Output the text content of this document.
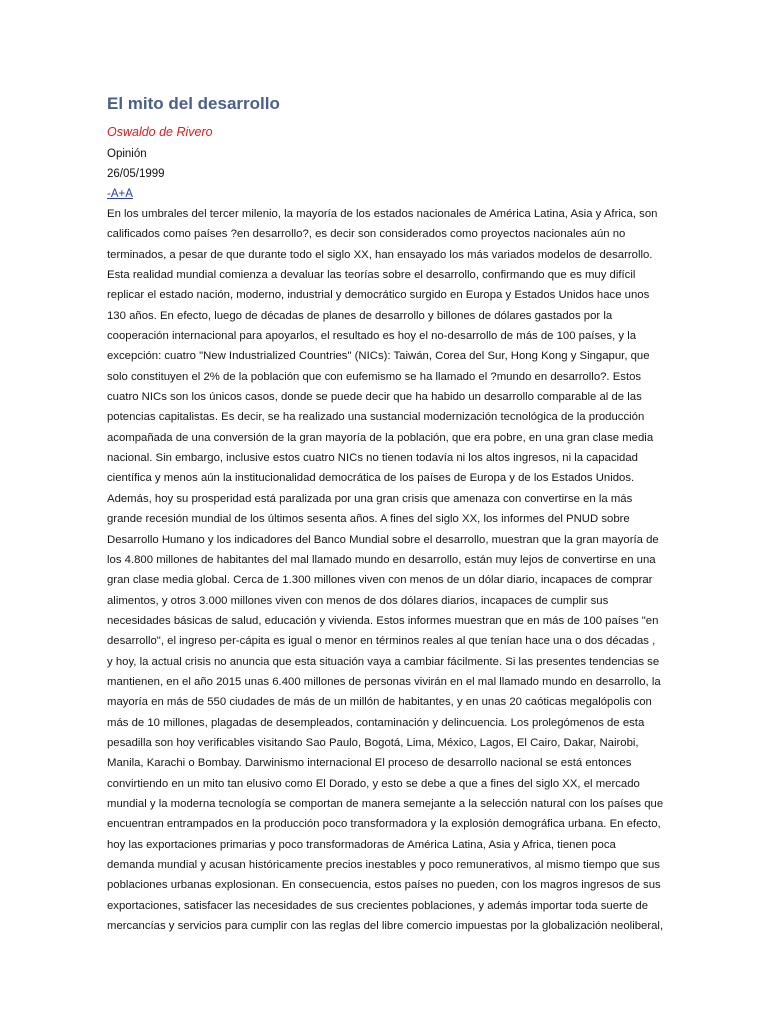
El mito del desarrollo
Oswaldo de Rivero
Opinión
26/05/1999
-A+A
En los umbrales del tercer milenio, la mayoría de los estados nacionales de América Latina, Asia y Africa, son
calificados como países ?en desarrollo?, es decir son considerados como proyectos nacionales aún no
terminados, a pesar de que durante todo el siglo XX, han ensayado los más variados modelos de desarrollo.
Esta realidad mundial comienza a devaluar las teorías sobre el desarrollo, confirmando que es muy difícil
replicar el estado nación, moderno, industrial y democrático surgido en Europa y Estados Unidos hace unos
130 años. En efecto, luego de décadas de planes de desarrollo y billones de dólares gastados por la
cooperación internacional para apoyarlos, el resultado es hoy el no-desarrollo de más de 100 países, y la
excepción: cuatro "New Industrialized Countries" (NICs): Taiwán, Corea del Sur, Hong Kong y Singapur, que
solo constituyen el 2% de la población que con eufemismo se ha llamado el ?mundo en desarrollo?. Estos
cuatro NICs son los únicos casos, donde se puede decir que ha habido un desarrollo comparable al de las
potencias capitalistas. Es decir, se ha realizado una sustancial modernización tecnológica de la producción
acompañada de una conversión de la gran mayoría de la población, que era pobre, en una gran clase media
nacional. Sin embargo, inclusive estos cuatro NICs no tienen todavía ni los altos ingresos, ni la capacidad
científica y menos aún la institucionalidad democrática de los países de Europa y de los Estados Unidos.
Además, hoy su prosperidad está paralizada por una gran crisis que amenaza con convertirse en la más
grande recesión mundial de los últimos sesenta años. A fines del siglo XX, los informes del PNUD sobre
Desarrollo Humano y los indicadores del Banco Mundial sobre el desarrollo, muestran que la gran mayoría de
los 4.800 millones de habitantes del mal llamado mundo en desarrollo, están muy lejos de convertirse en una
gran clase media global. Cerca de 1.300 millones viven con menos de un dólar diario, incapaces de comprar
alimentos, y otros 3.000 millones viven con menos de dos dólares diarios, incapaces de cumplir sus
necesidades básicas de salud, educación y vivienda. Estos informes muestran que en más de 100 países "en
desarrollo", el ingreso per-cápita es igual o menor en términos reales al que tenían hace una o dos décadas ,
y hoy, la actual crisis no anuncia que esta situación vaya a cambiar fácilmente. Si las presentes tendencias se
mantienen, en el año 2015 unas 6.400 millones de personas vivirán en el mal llamado mundo en desarrollo, la
mayoría en más de 550 ciudades de más de un millón de habitantes, y en unas 20 caóticas megalópolis con
más de 10 millones, plagadas de desempleados, contaminación y delincuencia. Los prolegómenos de esta
pesadilla son hoy verificables visitando Sao Paulo, Bogotá, Lima, México, Lagos, El Cairo, Dakar, Nairobi,
Manila, Karachi o Bombay. Darwinismo internacional El proceso de desarrollo nacional se está entonces
convirtiendo en un mito tan elusivo como El Dorado, y esto se debe a que a fines del siglo XX, el mercado
mundial y la moderna tecnología se comportan de manera semejante a la selección natural con los países que
encuentran entrampados en la producción poco transformadora y la explosión demográfica urbana. En efecto,
hoy las exportaciones primarias y poco transformadoras de América Latina, Asia y Africa, tienen poca
demanda mundial y acusan históricamente precios inestables y poco remunerativos, al mismo tiempo que sus
poblaciones urbanas explosionan. En consecuencia, estos países no pueden, con los magros ingresos de sus
exportaciones, satisfacer las necesidades de sus crecientes poblaciones, y además importar toda suerte de
mercancías y servicios para cumplir con las reglas del libre comercio impuestas por la globalización neoliberal,
